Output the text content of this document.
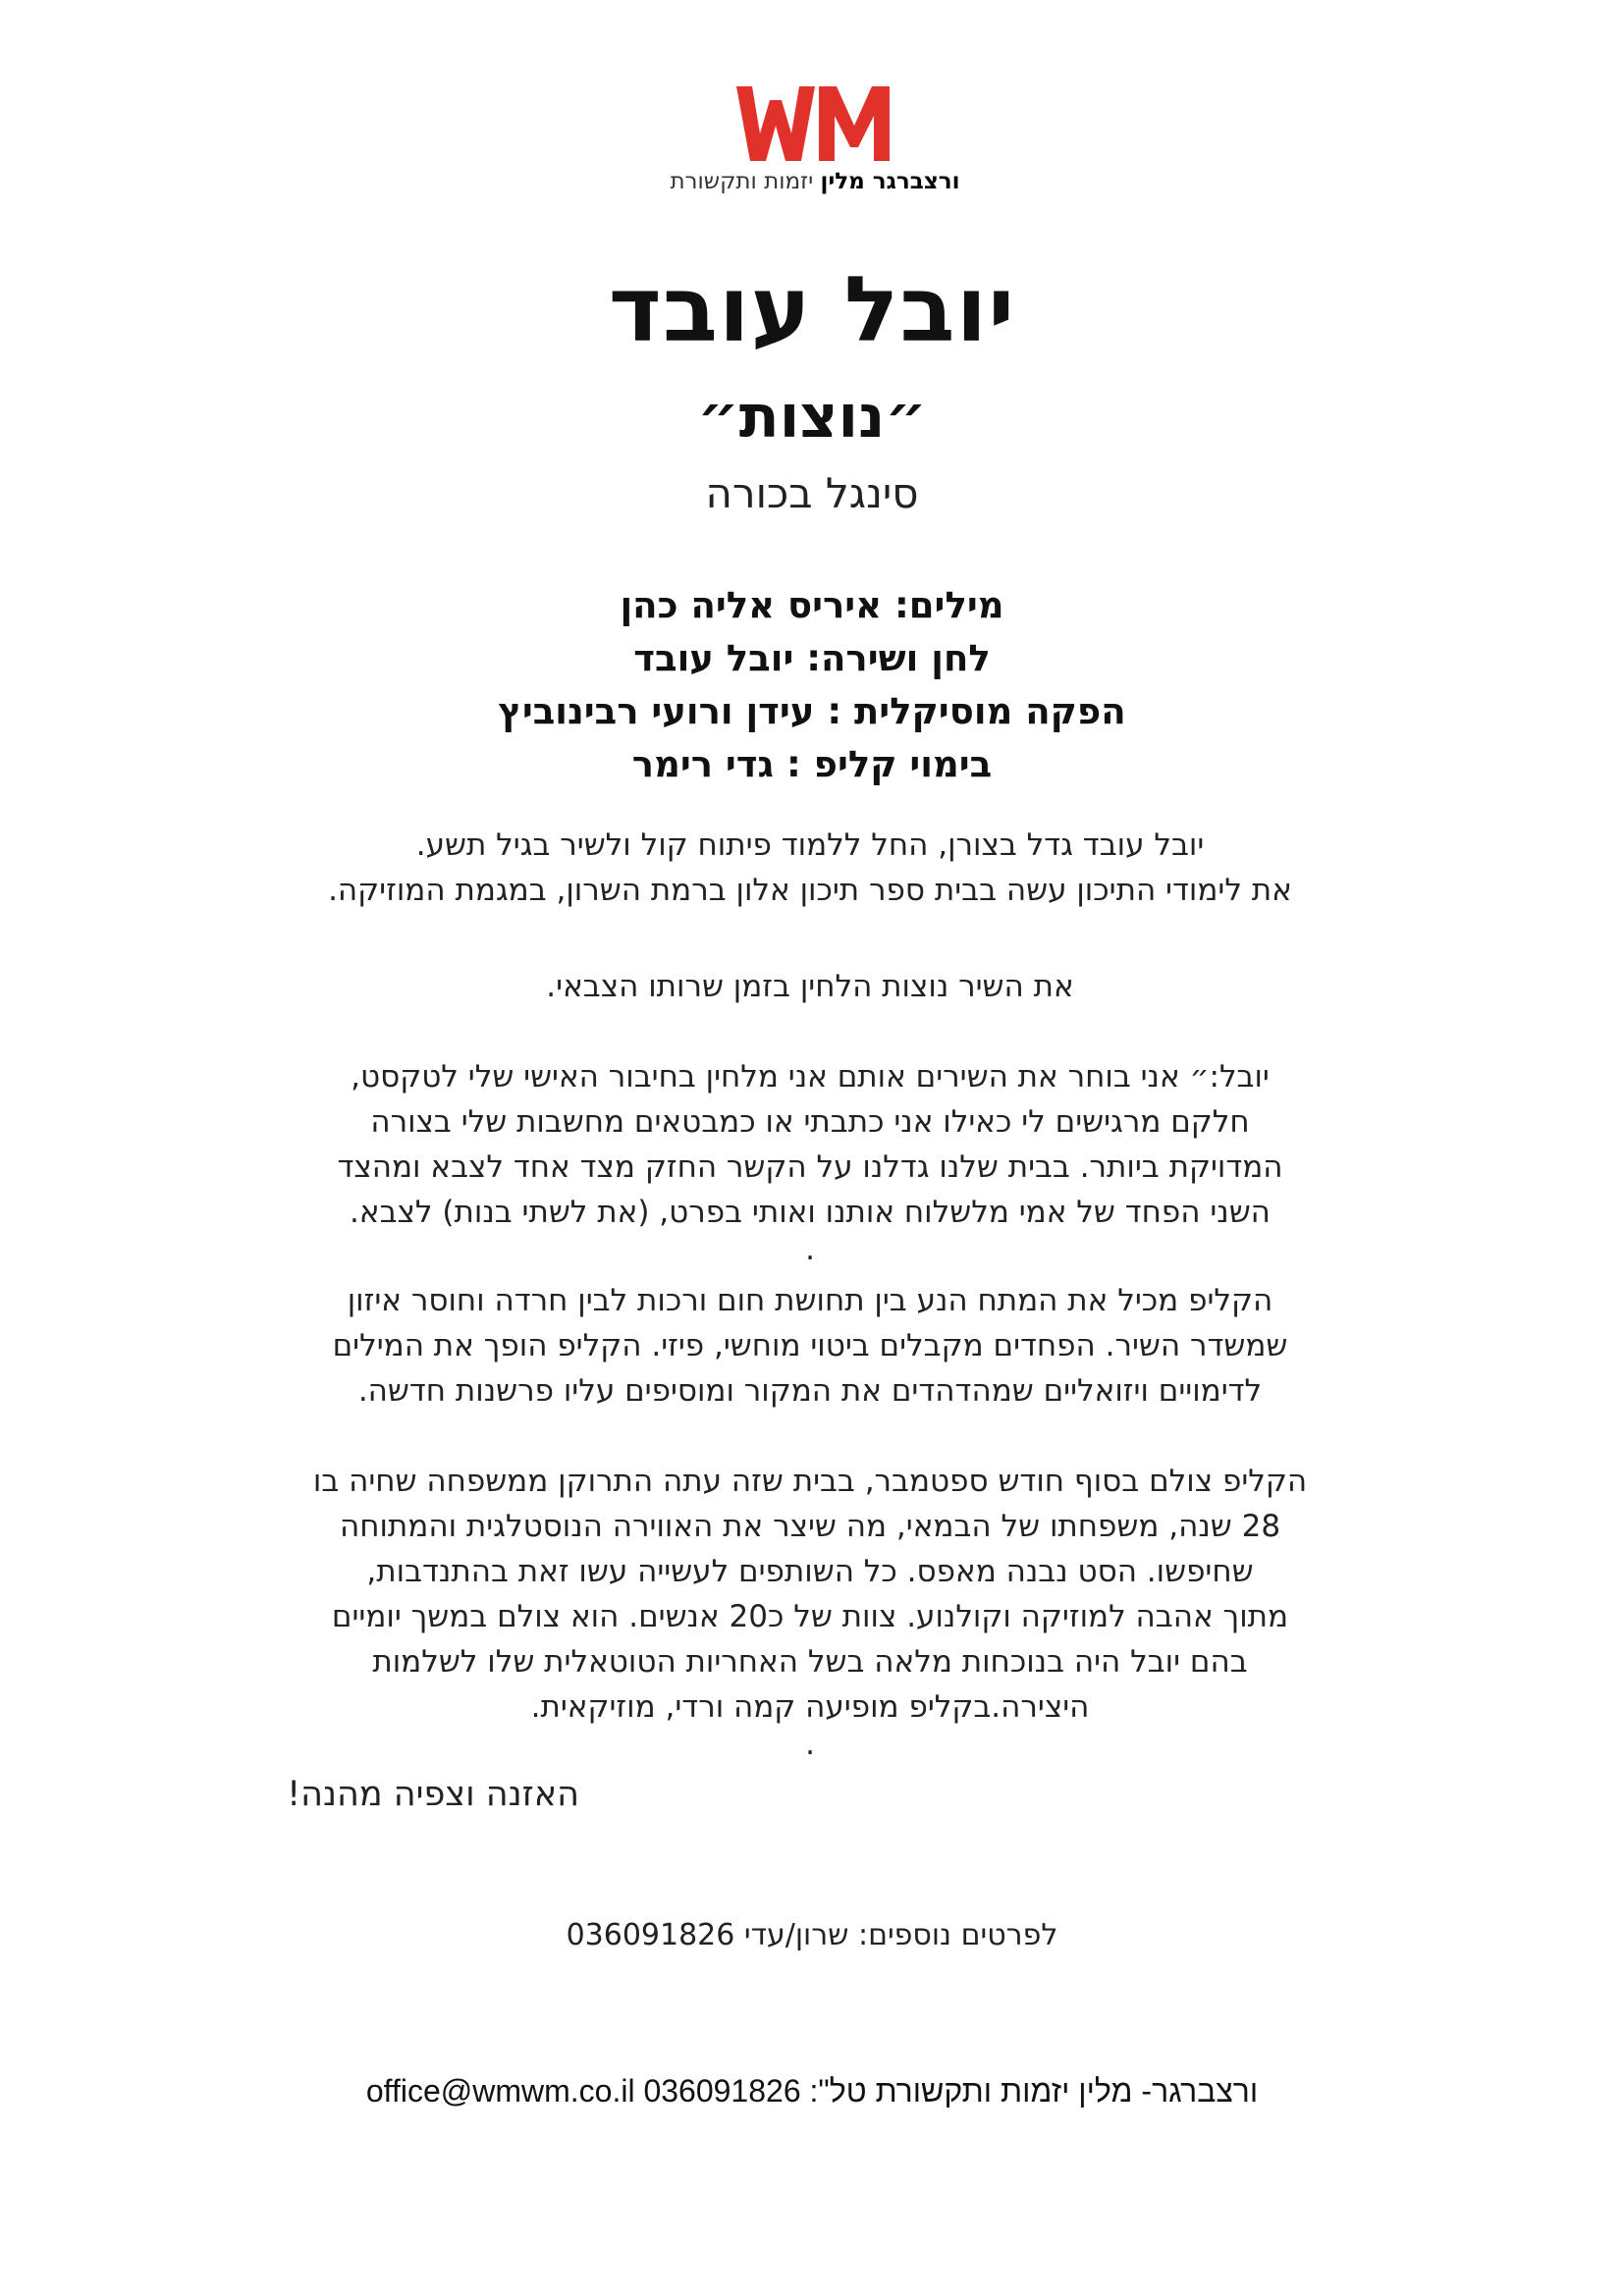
ורצברגר מלין יזמות ותקשורת
יובל עובד
״נוצות״
סינגל בכורה
מילים: איריס אליה כהן
לחן ושירה: יובל עובד
הפקה מוסיקלית : עידן ורועי רבינוביץ
בימוי קליפ : גדי רימר

יובל עובד גדל בצורן, החל ללמוד פיתוח קול ולשיר בגיל תשע.

את לימודי התיכון עשה בבית ספר תיכון אלון ברמת השרון, במגמת המוזיקה.

את השיר נוצות הלחין בזמן שרותו הצבאי.

יובל:״ אני בוחר את השירים אותם אני מלחין בחיבור האישי שלי לטקסט,

חלקם מרגישים לי כאילו אני כתבתי או כמבטאים מחשבות שלי בצורה

המדויקת ביותר. בבית שלנו גדלנו על הקשר החזק מצד אחד לצבא ומהצד

השני הפחד של אמי מלשלוח אותנו ואותי בפרט, (את לשתי בנות) לצבא.

.

הקליפ מכיל את המתח הנע בין תחושת חום ורכות לבין חרדה וחוסר איזון

שמשדר השיר. הפחדים מקבלים ביטוי מוחשי, פיזי. הקליפ הופך את המילים

לדימויים ויזואליים שמהדהדים את המקור ומוסיפים עליו פרשנות חדשה.

הקליפ צולם בסוף חודש ספטמבר, בבית שזה עתה התרוקן ממשפחה שחיה בו

28 שנה, משפחתו של הבמאי, מה שיצר את האווירה הנוסטלגית והמתוחה

שחיפשו. הסט נבנה מאפס. כל השותפים לעשייה עשו זאת בהתנדבות,

מתוך אהבה למוזיקה וקולנוע. צוות של כ20 אנשים. הוא צולם במשך יומיים

בהם יובל היה בנוכחות מלאה בשל האחריות הטוטאלית שלו לשלמות

היצירה.בקליפ מופיעה קמה ורדי, מוזיקאית.

.

האזנה וצפיה מהנה!
לפרטים נוספים: שרון/עדי 036091826
ורצברגר- מלין יזמות ותקשורת טל": 036091826 office@wmwm.co.il
